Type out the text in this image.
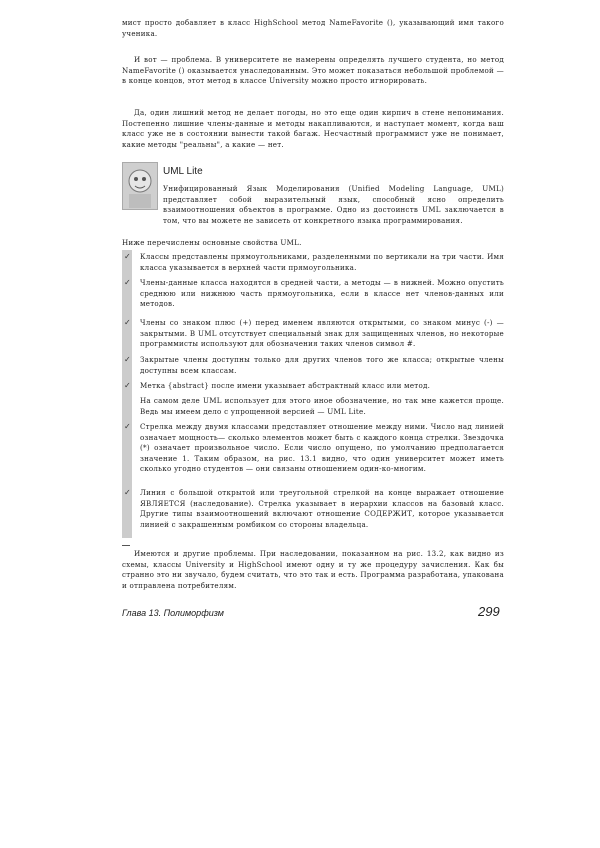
мист просто добавляет в класс HighSchool метод NameFavorite (), указывающий имя такого ученика.

И вот — проблема. В университете не намерены определять лучшего студента, но метод NameFavorite () оказывается унаследованным. Это может показаться небольшой проблемой — в конце концов, этот метод в классе University можно просто игнорировать.

Да, один лишний метод не делает погоды, но это еще один кирпич в стене непонимания. Постепенно лишние члены-данные и методы накапливаются, и наступает момент, когда ваш класс уже не в состоянии вынести такой багаж. Несчастный программист уже не понимает, какие методы "реальны", а какие — нет.

UML Lite

Унифицированный Язык Моделирования (Unified Modeling Language, UML) представляет собой выразительный язык, способный ясно определить взаимоотношения объектов в программе. Одно из достоинств UML заключается в том, что вы можете не зависеть от конкретного языка программирования.

Ниже перечислены основные свойства UML.

✓ Классы представлены прямоугольниками, разделенными по вертикали на три части. Имя класса указывается в верхней части прямоугольника.

✓ Члены-данные класса находятся в средней части, а методы — в нижней. Можно опустить среднюю или нижнюю часть прямоугольника, если в классе нет членов-данных или методов.

✓ Члены со знаком плюс (+) перед именем являются открытыми, со знаком минус (-) — закрытыми. В UML отсутствует специальный знак для защищенных членов, но некоторые программисты используют для обозначения таких членов символ #.

✓ Закрытые члены доступны только для других членов того же класса; открытые члены доступны всем классам.

✓ Метка {abstract} после имени указывает абстрактный класс или метод.

На самом деле UML использует для этого иное обозначение, но так мне кажется проще. Ведь мы имеем дело с упрощенной версией — UML Lite.

✓ Стрелка между двумя классами представляет отношение между ними. Число над линией означает мощность— сколько элементов может быть с каждого конца стрелки. Звездочка (*) означает произвольное число. Если число опущено, по умолчанию предполагается значение 1. Таким образом, на рис. 13.1 видно, что один университет может иметь сколько угодно студентов — они связаны отношением один-ко-многим.

✓ Линия с большой открытой или треугольной стрелкой на конце выражает отношение ЯВЛЯЕТСЯ (наследование). Стрелка указывает в иерархии классов на базовый класс. Другие типы взаимоотношений включают отношение СОДЕРЖИТ, которое указывается линией с закрашенным ромбиком со стороны владельца.

Имеются и другие проблемы. При наследовании, показанном на рис. 13.2, как видно из схемы, классы University и HighSchool имеют одну и ту же процедуру зачисления. Как бы странно это ни звучало, будем считать, что это так и есть. Программа разработана, упакована и отправлена потребителям.

Глава 13. Полиморфизм	299
